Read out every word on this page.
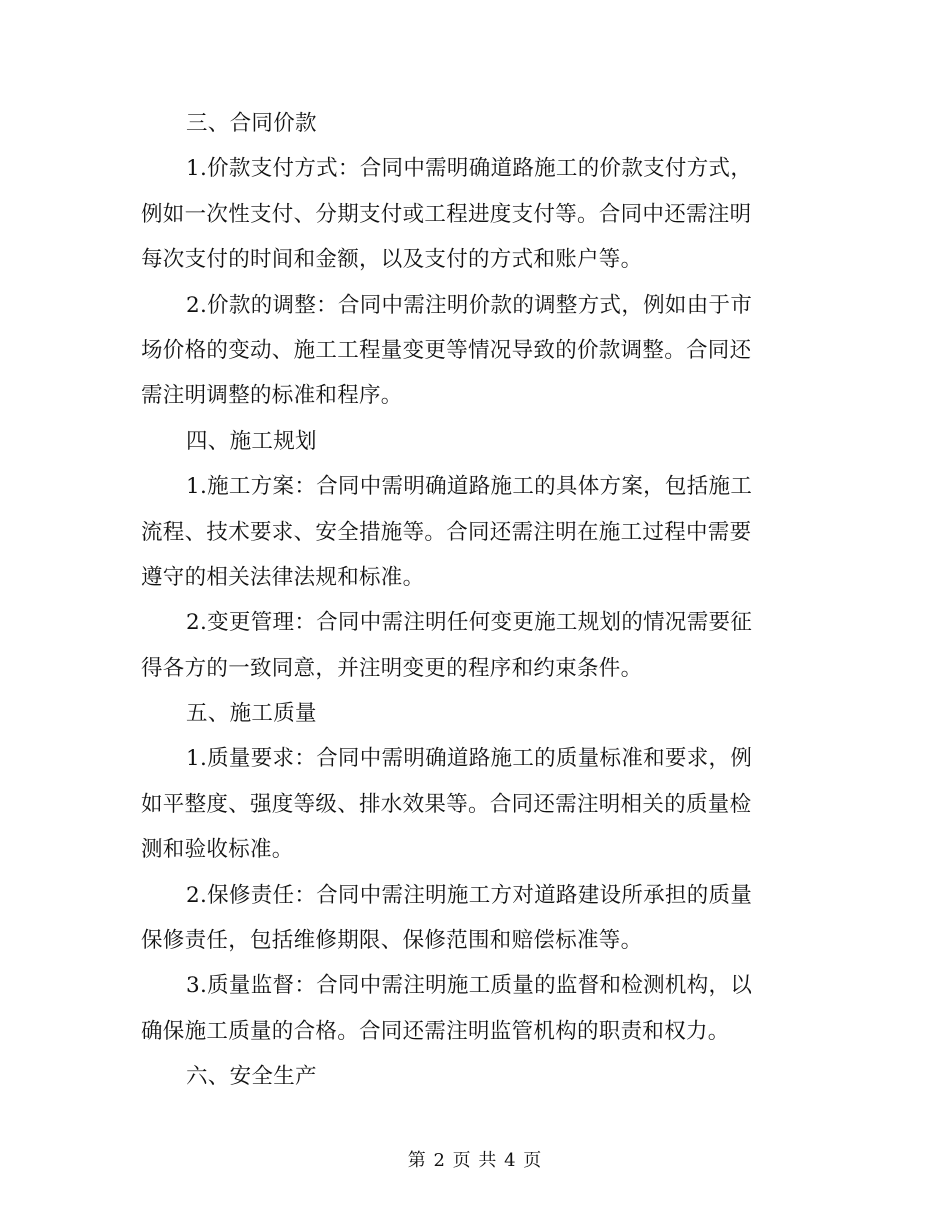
三、合同价款
1.价款支付方式：合同中需明确道路施工的价款支付方式，
例如一次性支付、分期支付或工程进度支付等。合同中还需注明
每次支付的时间和金额，以及支付的方式和账户等。
2.价款的调整：合同中需注明价款的调整方式，例如由于市
场价格的变动、施工工程量变更等情况导致的价款调整。合同还
需注明调整的标准和程序。
四、施工规划
1.施工方案：合同中需明确道路施工的具体方案，包括施工
流程、技术要求、安全措施等。合同还需注明在施工过程中需要
遵守的相关法律法规和标准。
2.变更管理：合同中需注明任何变更施工规划的情况需要征
得各方的一致同意，并注明变更的程序和约束条件。
五、施工质量
1.质量要求：合同中需明确道路施工的质量标准和要求，例
如平整度、强度等级、排水效果等。合同还需注明相关的质量检
测和验收标准。
2.保修责任：合同中需注明施工方对道路建设所承担的质量
保修责任，包括维修期限、保修范围和赔偿标准等。
3.质量监督：合同中需注明施工质量的监督和检测机构，以
确保施工质量的合格。合同还需注明监管机构的职责和权力。
六、安全生产
第 2 页 共 4 页
